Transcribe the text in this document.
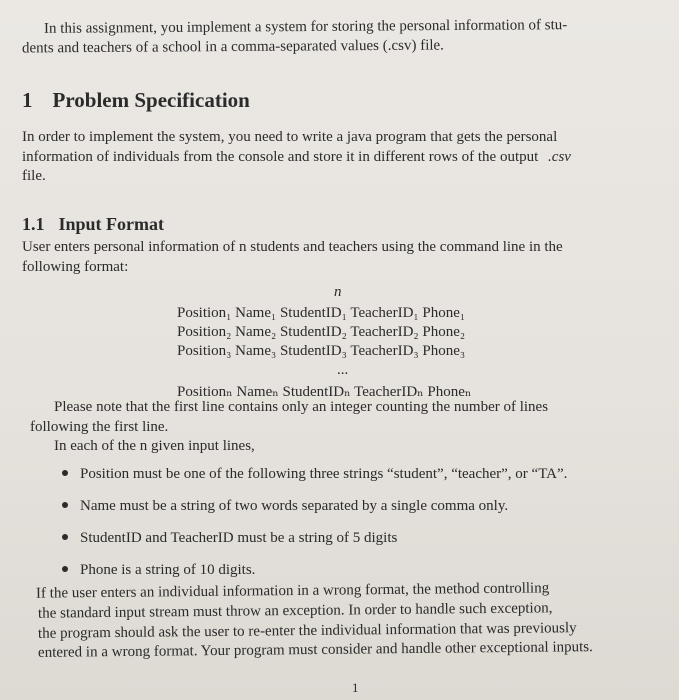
In this assignment, you implement a system for storing the personal information of stu-
dents and teachers of a school in a comma-separated values (.csv) file.
1 Problem Specification
In order to implement the system, you need to write a java program that gets the personal
information of individuals from the console and store it in different rows of the output .csv
file.
1.1 Input Format
User enters personal information of n students and teachers using the command line in the
following format:
n
Position₁ Name₁ StudentID₁ TeacherID₁ Phone₁
Position₂ Name₂ StudentID₂ TeacherID₂ Phone₂
Position₃ Name₃ StudentID₃ TeacherID₃ Phone₃
...
Positionₙ Nameₙ StudentIDₙ TeacherIDₙ Phoneₙ
Please note that the first line contains only an integer counting the number of lines
following the first line.
In each of the n given input lines,
Position must be one of the following three strings “student”, “teacher”, or “TA”.
Name must be a string of two words separated by a single comma only.
StudentID and TeacherID must be a string of 5 digits
Phone is a string of 10 digits.
If the user enters an individual information in a wrong format, the method controlling
the standard input stream must throw an exception. In order to handle such exception,
the program should ask the user to re-enter the individual information that was previously
entered in a wrong format. Your program must consider and handle other exceptional inputs.
1
